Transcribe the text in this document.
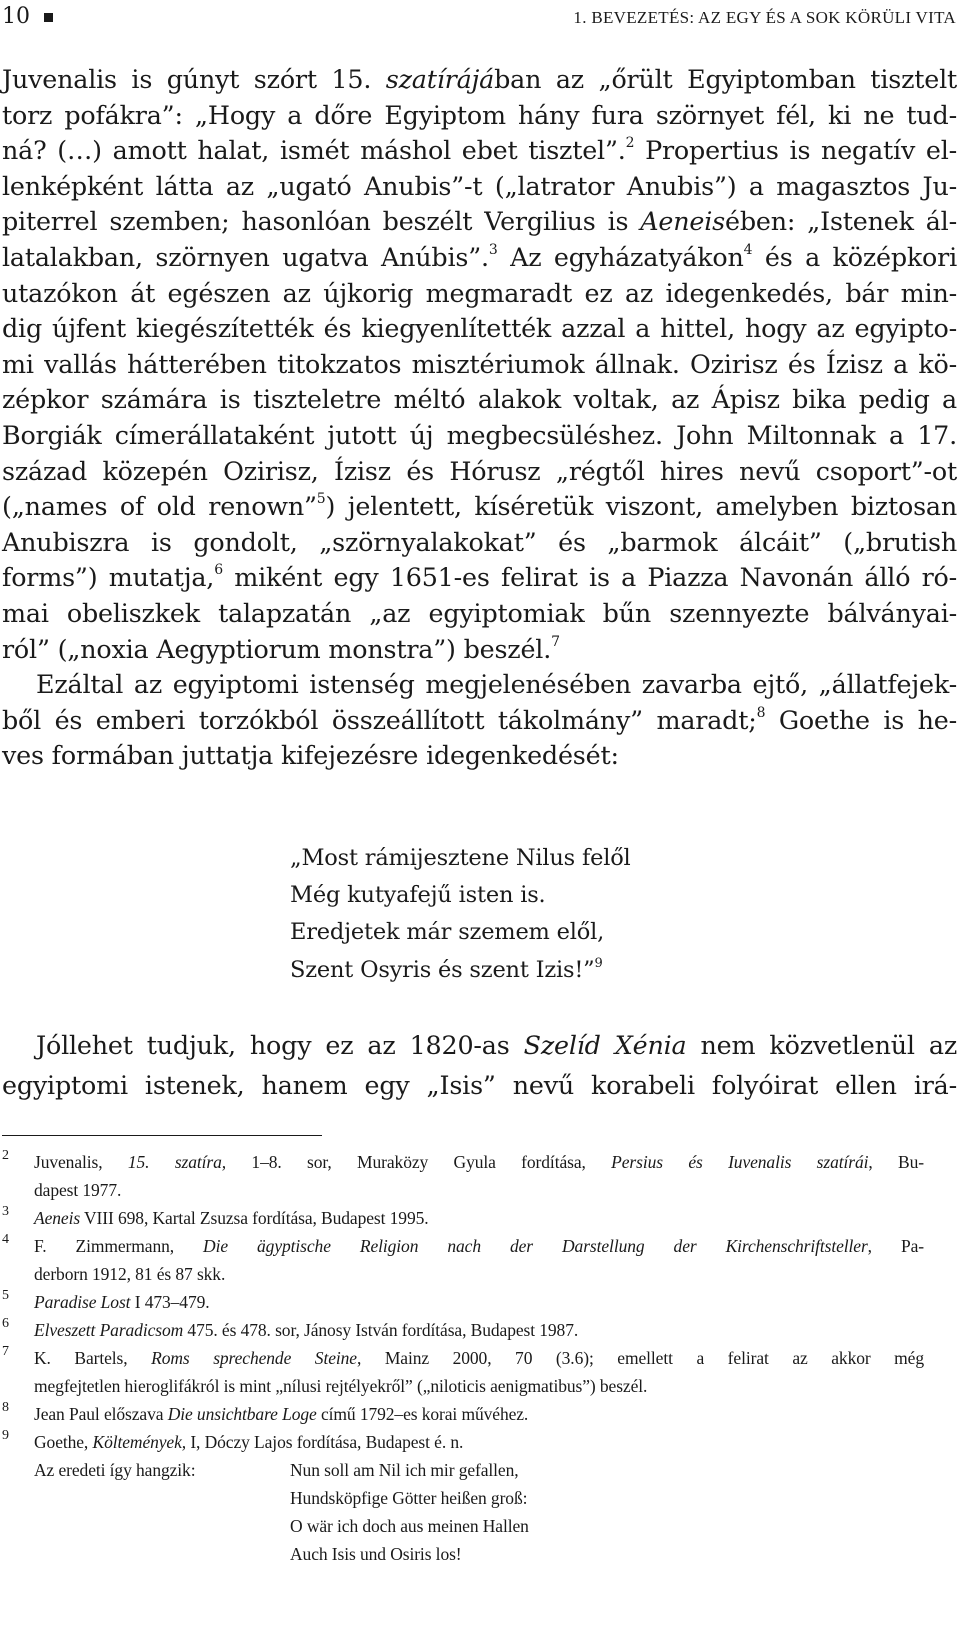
10	1. BEVEZETÉS: AZ EGY ÉS A SOK KÖRÜLI VITA
Juvenalis is gúnyt szórt 15. szatírájában az „őrült Egyiptomban tisztelt
torz pofákra”: „Hogy a dőre Egyiptom hány fura szörnyet fél, ki ne tud-
ná? (…) amott halat, ismét máshol ebet tisztel”.$^2$ Propertius is negatív el-
lenképként látta az „ugató Anubis”-t („latrator Anubis”) a magasztos Ju-
piterrel szemben; hasonlóan beszélt Vergilius is Aeneisében: „Istenek ál-
latalakban, szörnyen ugatva Anúbis”.$^3$ Az egyházatyákon$^4$ és a középkori
utazókon át egészen az újkorig megmaradt ez az idegenkedés, bár min-
dig újfent kiegészítették és kiegyenlítették azzal a hittel, hogy az egyipto-
mi vallás hátterében titokzatos misztériumok állnak. Ozirisz és Ízisz a kö-
zépkor számára is tiszteletre méltó alakok voltak, az Ápisz bika pedig a
Borgiák címerállataként jutott új megbecsüléshez. John Miltonnak a 17.
század közepén Ozirisz, Ízisz és Hórusz „régtől hires nevű csoport”-ot
(„names of old renown”$^5$) jelentett, kíséretük viszont, amelyben biztosan
Anubiszra is gondolt, „szörnyalakokat” és „barmok álcáit” („brutish
forms”) mutatja,$^6$ miként egy 1651-es felirat is a Piazza Navonán álló ró-
mai obeliszkek talapzatán „az egyiptomiak bűn szennyezte bálványai-
ról” („noxia Aegyptiorum monstra”) beszél.$^7$
Ezáltal az egyiptomi istenség megjelenésében zavarba ejtő, „állatfejek-
ből és emberi torzókból összeállított tákolmány” maradt;$^8$ Goethe is he-
ves formában juttatja kifejezésre idegenkedését:
„Most rámijesztene Nilus felől
Még kutyafejű isten is.
Eredjetek már szemem elől,
Szent Osyris és szent Izis!”$^9$
Jóllehet tudjuk, hogy ez az 1820-as Szelíd Xénia nem közvetlenül az
egyiptomi istenek, hanem egy „Isis” nevű korabeli folyóirat ellen irá-
2 Juvenalis, 15. szatíra, 1–8. sor, Muraközy Gyula fordítása, Persius és Iuvenalis szatírái, Bu-
dapest 1977.
3 Aeneis VIII 698, Kartal Zsuzsa fordítása, Budapest 1995.
4 F. Zimmermann, Die ägyptische Religion nach der Darstellung der Kirchenschriftsteller, Pa-
derborn 1912, 81 és 87 skk.
5 Paradise Lost I 473–479.
6 Elveszett Paradicsom 475. és 478. sor, Jánosy István fordítása, Budapest 1987.
7 K. Bartels, Roms sprechende Steine, Mainz 2000, 70 (3.6); emellett a felirat az akkor még
megfejtetlen hieroglifákról is mint „nílusi rejtélyekről” („niloticis aenigmatibus”) beszél.
8 Jean Paul előszava Die unsichtbare Loge című 1792–es korai művéhez.
9 Goethe, Költemények, I, Dóczy Lajos fordítása, Budapest é. n.
Az eredeti így hangzik:	Nun soll am Nil ich mir gefallen,
Hundsköpfige Götter heißen groß:
O wär ich doch aus meinen Hallen
Auch Isis und Osiris los!
